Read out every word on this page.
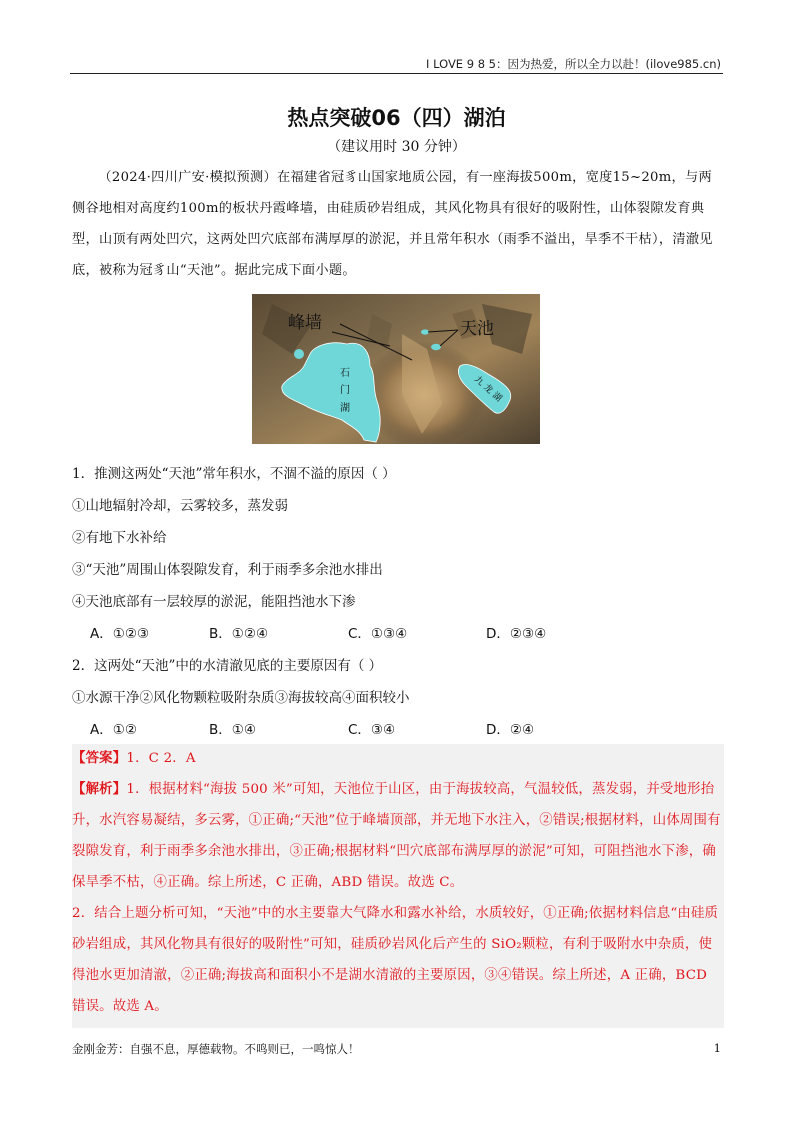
I LOVE 9 8 5：因为热爱，所以全力以赴！(ilove985.cn)
热点突破06（四）湖泊
（建议用时 30 分钟）
（2024·四川广安·模拟预测）在福建省冠豸山国家地质公园，有一座海拔500m，宽度15~20m，与两侧谷地相对高度约100m的板状丹霞峰墙，由硅质砂岩组成，其风化物具有很好的吸附性，山体裂隙发育典型，山顶有两处凹穴，这两处凹穴底部布满厚厚的淤泥，并且常年积水（雨季不溢出，旱季不干枯），清澈见底，被称为冠豸山“天池”。据此完成下面小题。
峰墙	天池
石
门
湖
九
龙
湖
1．推测这两处“天池”常年积水，不涸不溢的原因（ ）
①山地辐射冷却，云雾较多，蒸发弱
②有地下水补给
③“天池”周围山体裂隙发育，利于雨季多余池水排出
④天池底部有一层较厚的淤泥，能阻挡池水下渗
A．①②③	B．①②④	C．①③④	D．②③④
2．这两处“天池”中的水清澈见底的主要原因有（ ）
①水源干净②风化物颗粒吸附杂质③海拔较高④面积较小
A．①②	B．①④	C．③④	D．②④
【答案】1．C 2．A
【解析】1．根据材料“海拔 500 米”可知，天池位于山区，由于海拔较高，气温较低，蒸发弱，并受地形抬升，水汽容易凝结，多云雾，①正确;“天池”位于峰墙顶部，并无地下水注入，②错误;根据材料，山体周围有裂隙发育，利于雨季多余池水排出，③正确;根据材料“凹穴底部布满厚厚的淤泥”可知，可阻挡池水下渗，确保旱季不枯，④正确。综上所述，C 正确，ABD 错误。故选 C。
2．结合上题分析可知，“天池”中的水主要靠大气降水和露水补给，水质较好，①正确;依据材料信息“由硅质砂岩组成，其风化物具有很好的吸附性”可知，硅质砂岩风化后产生的 SiO₂颗粒，有利于吸附水中杂质，使得池水更加清澈，②正确;海拔高和面积小不是湖水清澈的主要原因，③④错误。综上所述，A 正确，BCD 错误。故选 A。
金刚金芳：自强不息，厚德载物。不鸣则已，一鸣惊人！	1
